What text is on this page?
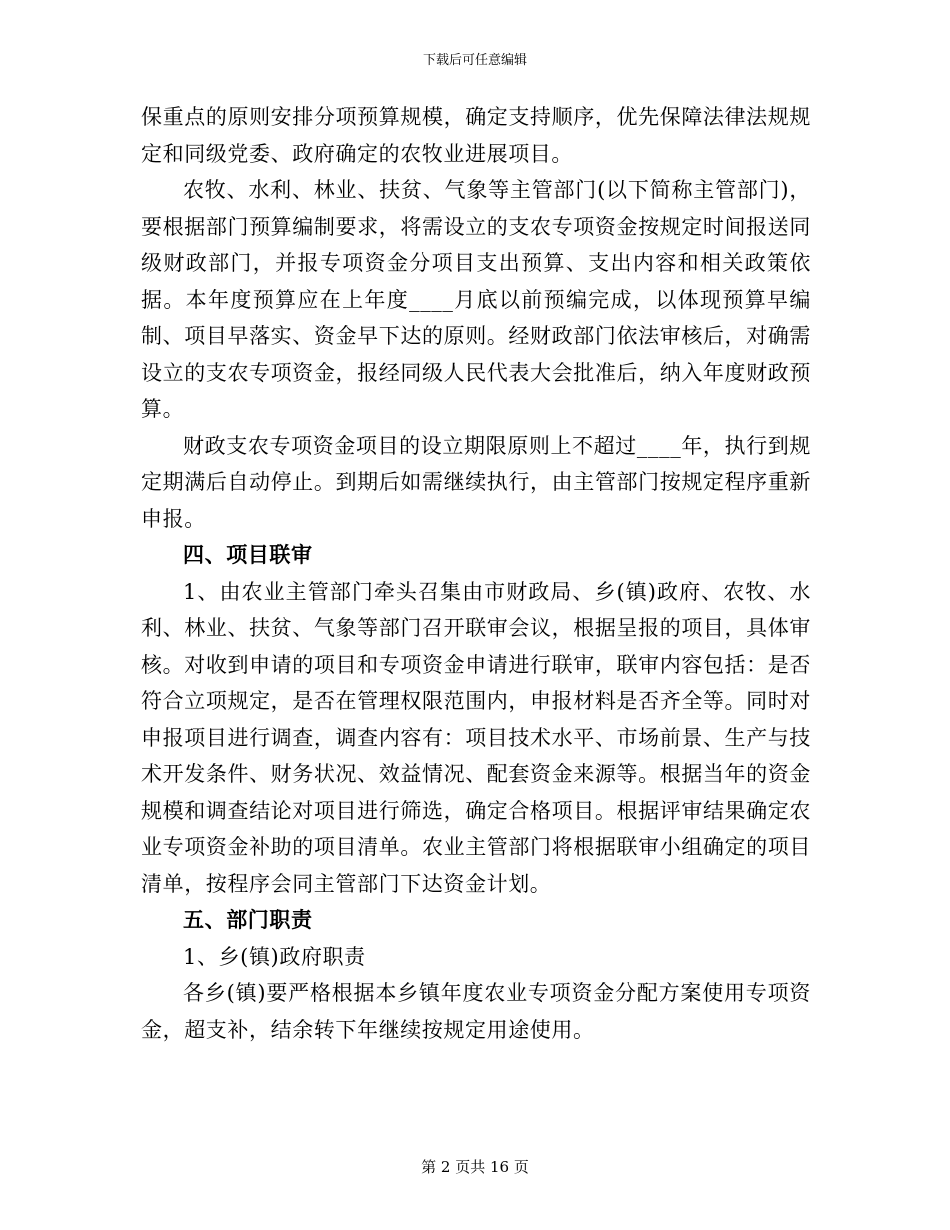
下载后可任意编辑

保重点的原则安排分项预算规模，确定支持顺序，优先保障法律法规规定和同级党委、政府确定的农牧业进展项目。

农牧、水利、林业、扶贫、气象等主管部门(以下简称主管部门)，要根据部门预算编制要求，将需设立的支农专项资金按规定时间报送同级财政部门，并报专项资金分项目支出预算、支出内容和相关政策依据。本年度预算应在上年度____月底以前预编完成，以体现预算早编制、项目早落实、资金早下达的原则。经财政部门依法审核后，对确需设立的支农专项资金，报经同级人民代表大会批准后，纳入年度财政预算。

财政支农专项资金项目的设立期限原则上不超过____年，执行到规定期满后自动停止。到期后如需继续执行，由主管部门按规定程序重新申报。

四、项目联审

1、由农业主管部门牵头召集由市财政局、乡(镇)政府、农牧、水利、林业、扶贫、气象等部门召开联审会议，根据呈报的项目，具体审核。对收到申请的项目和专项资金申请进行联审，联审内容包括：是否符合立项规定，是否在管理权限范围内，申报材料是否齐全等。同时对申报项目进行调查，调查内容有：项目技术水平、市场前景、生产与技术开发条件、财务状况、效益情况、配套资金来源等。根据当年的资金规模和调查结论对项目进行筛选，确定合格项目。根据评审结果确定农业专项资金补助的项目清单。农业主管部门将根据联审小组确定的项目清单，按程序会同主管部门下达资金计划。

五、部门职责

1、乡(镇)政府职责

各乡(镇)要严格根据本乡镇年度农业专项资金分配方案使用专项资金，超支补，结余转下年继续按规定用途使用。

第 2 页共 16 页
